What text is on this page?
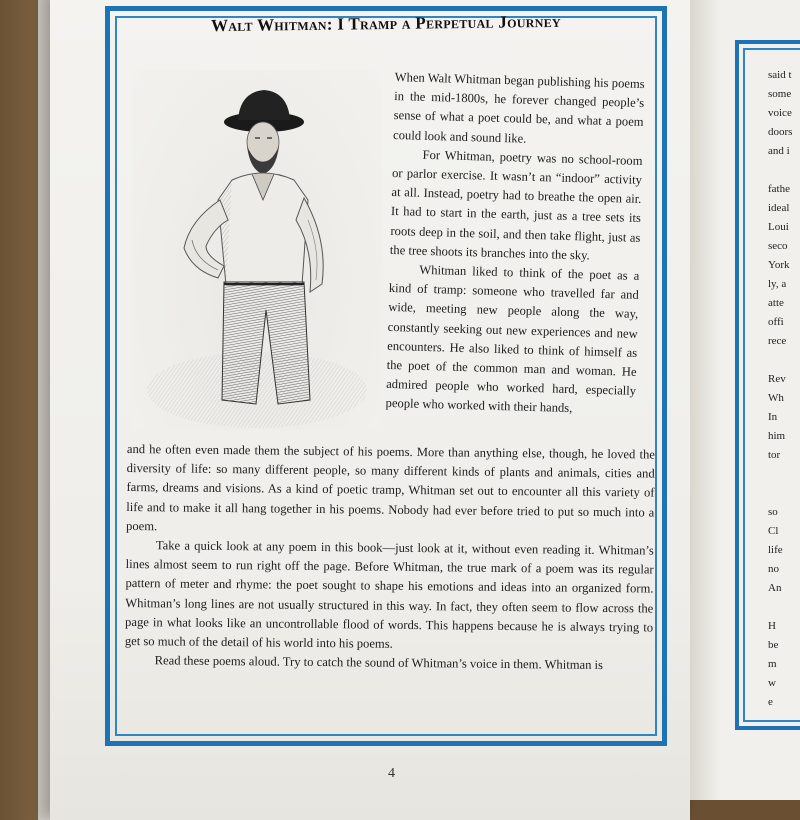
Walt Whitman: I Tramp a Perpetual Journey

When Walt Whitman began publishing his poems in the mid-1800s, he forever changed people’s sense of what a poet could be, and what a poem could look and sound like.

For Whitman, poetry was no school-room or parlor exercise. It wasn’t an “indoor” activity at all. Instead, poetry had to breathe the open air. It had to start in the earth, just as a tree sets its roots deep in the soil, and then take flight, just as the tree shoots its branches into the sky.

Whitman liked to think of the poet as a kind of tramp: someone who travelled far and wide, meeting new people along the way, constantly seeking out new experiences and new encounters. He also liked to think of himself as the poet of the common man and woman. He admired people who worked hard, especially people who worked with their hands,

and he often even made them the subject of his poems. More than anything else, though, he loved the diversity of life: so many different people, so many different kinds of plants and animals, cities and farms, dreams and visions. As a kind of poetic tramp, Whitman set out to encounter all this variety of life and to make it all hang together in his poems. Nobody had ever before tried to put so much into a poem.

Take a quick look at any poem in this book—just look at it, without even reading it. Whitman’s lines almost seem to run right off the page. Before Whitman, the true mark of a poem was its regular pattern of meter and rhyme: the poet sought to shape his emotions and ideas into an organized form. Whitman’s long lines are not usually structured in this way. In fact, they often seem to flow across the page in what looks like an uncontrollable flood of words. This happens because he is always trying to get so much of the detail of his world into his poems.

Read these poems aloud. Try to catch the sound of Whitman’s voice in them. Whitman is

4
said t
some
voice
doors
and i

fathe
ideal
Loui
seco
York
ly, a
atte
offi
rece

Rev
Wh
In
him
tor

so
Cl
life
no
An

H
be
m
w
e
